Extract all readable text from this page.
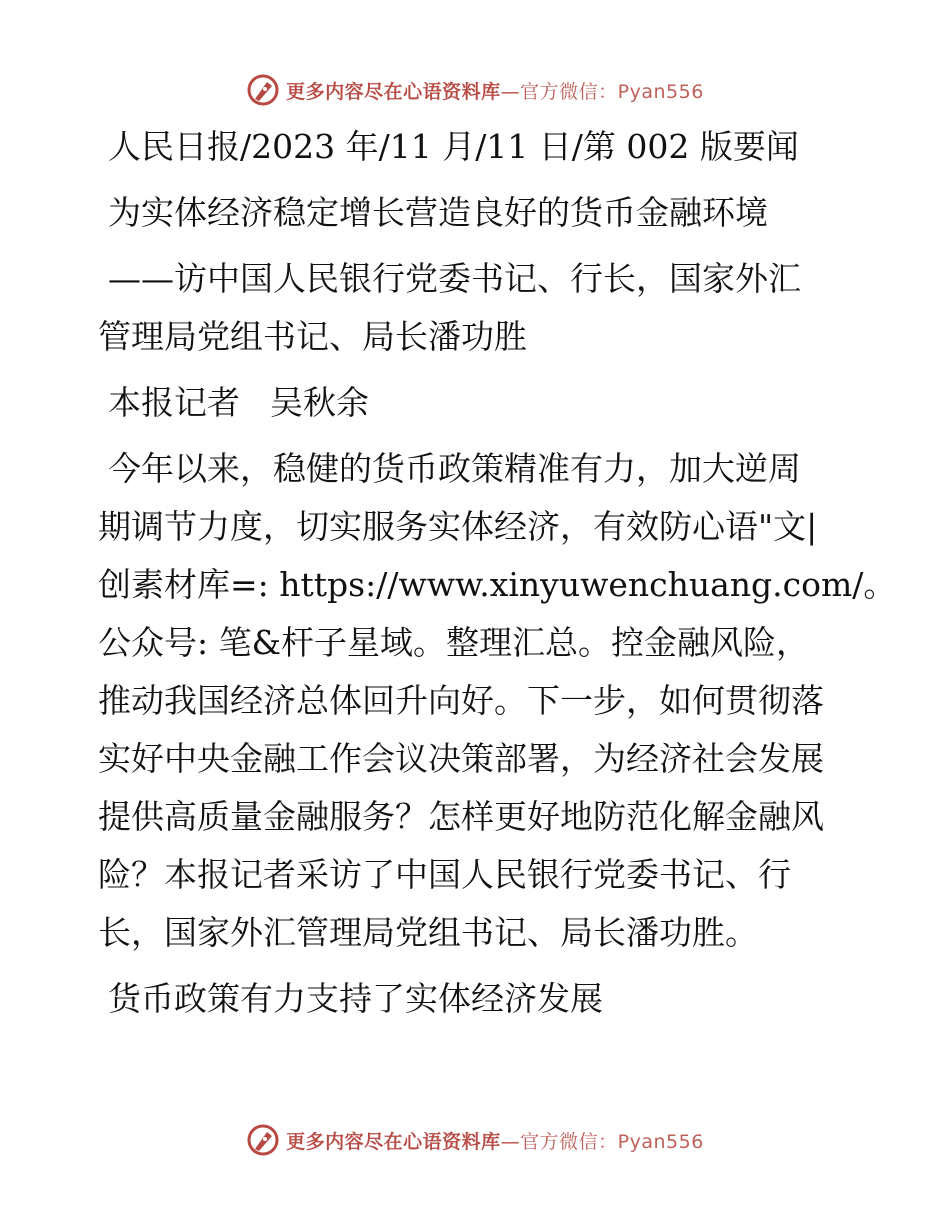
更多内容尽在心语资料库—官方微信：Pyan556

人民日报/2023 年/11 月/11 日/第 002 版要闻

为实体经济稳定增长营造良好的货币金融环境

——访中国人民银行党委书记、行长，国家外汇

管理局党组书记、局长潘功胜

本报记者 吴秋余

今年以来，稳健的货币政策精准有力，加大逆周

期调节力度，切实服务实体经济，有效防心语"文|

创素材库=: https://www.xinyuwenchuang.com/。

公众号: 笔&杆子星域。整理汇总。控金融风险，

推动我国经济总体回升向好。下一步，如何贯彻落

实好中央金融工作会议决策部署，为经济社会发展

提供高质量金融服务？怎样更好地防范化解金融风

险？本报记者采访了中国人民银行党委书记、行

长，国家外汇管理局党组书记、局长潘功胜。

货币政策有力支持了实体经济发展

更多内容尽在心语资料库—官方微信：Pyan556
